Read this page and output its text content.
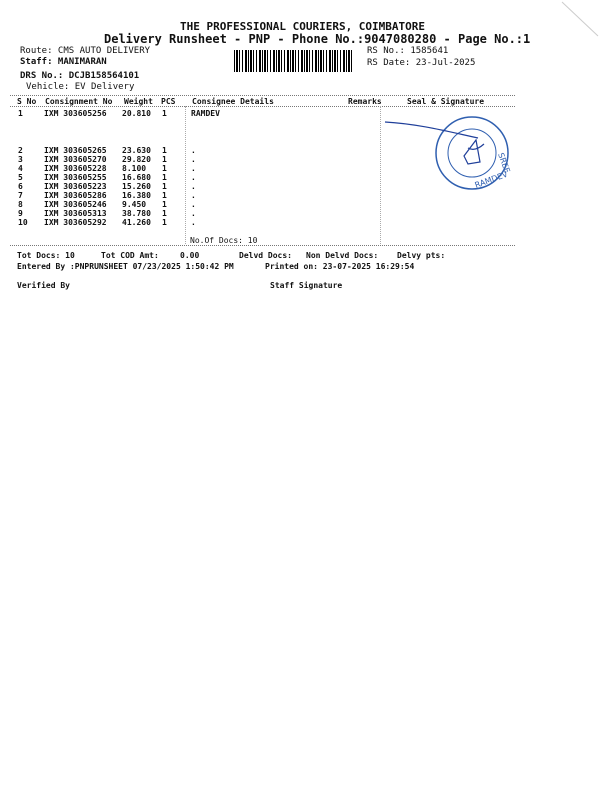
THE PROFESSIONAL COURIERS, COIMBATORE
Delivery Runsheet - PNP - Phone No.:9047080280 - Page No.:1
Route: CMS AUTO DELIVERY
Staff: MANIMARAN
DRS No.: DCJB158564101
Vehicle: EV Delivery
RS No.: 1585641
RS Date: 23-Jul-2025
S No Consignment No Weight PCS Consignee Details	Remarks	Seal & Signature
1	IXM 303605256 20.810 1	RAMDEV
2	IXM 303605265 23.630 1	.
3	IXM 303605270 29.820 1	.
4	IXM 303605228 8.100 1	.
5	IXM 303605255 16.680 1	.
6	IXM 303605223 15.260 1	.
7	IXM 303605286 16.380 1	.
8	IXM 303605246 9.450 1	.
9	IXM 303605313 38.780 1	.
10 IXM 303605292 41.260 1	.
No.Of Docs: 10
SREE
RAMDEV
Tot Docs: 10	Tot COD Amt:	0.00	Delvd Docs: Non Delvd Docs: Delvy pts:
Entered By :PNPRUNSHEET 07/23/2025 1:50:42 PM	Printed on: 23-07-2025 16:29:54
Verified By	Staff Signature
